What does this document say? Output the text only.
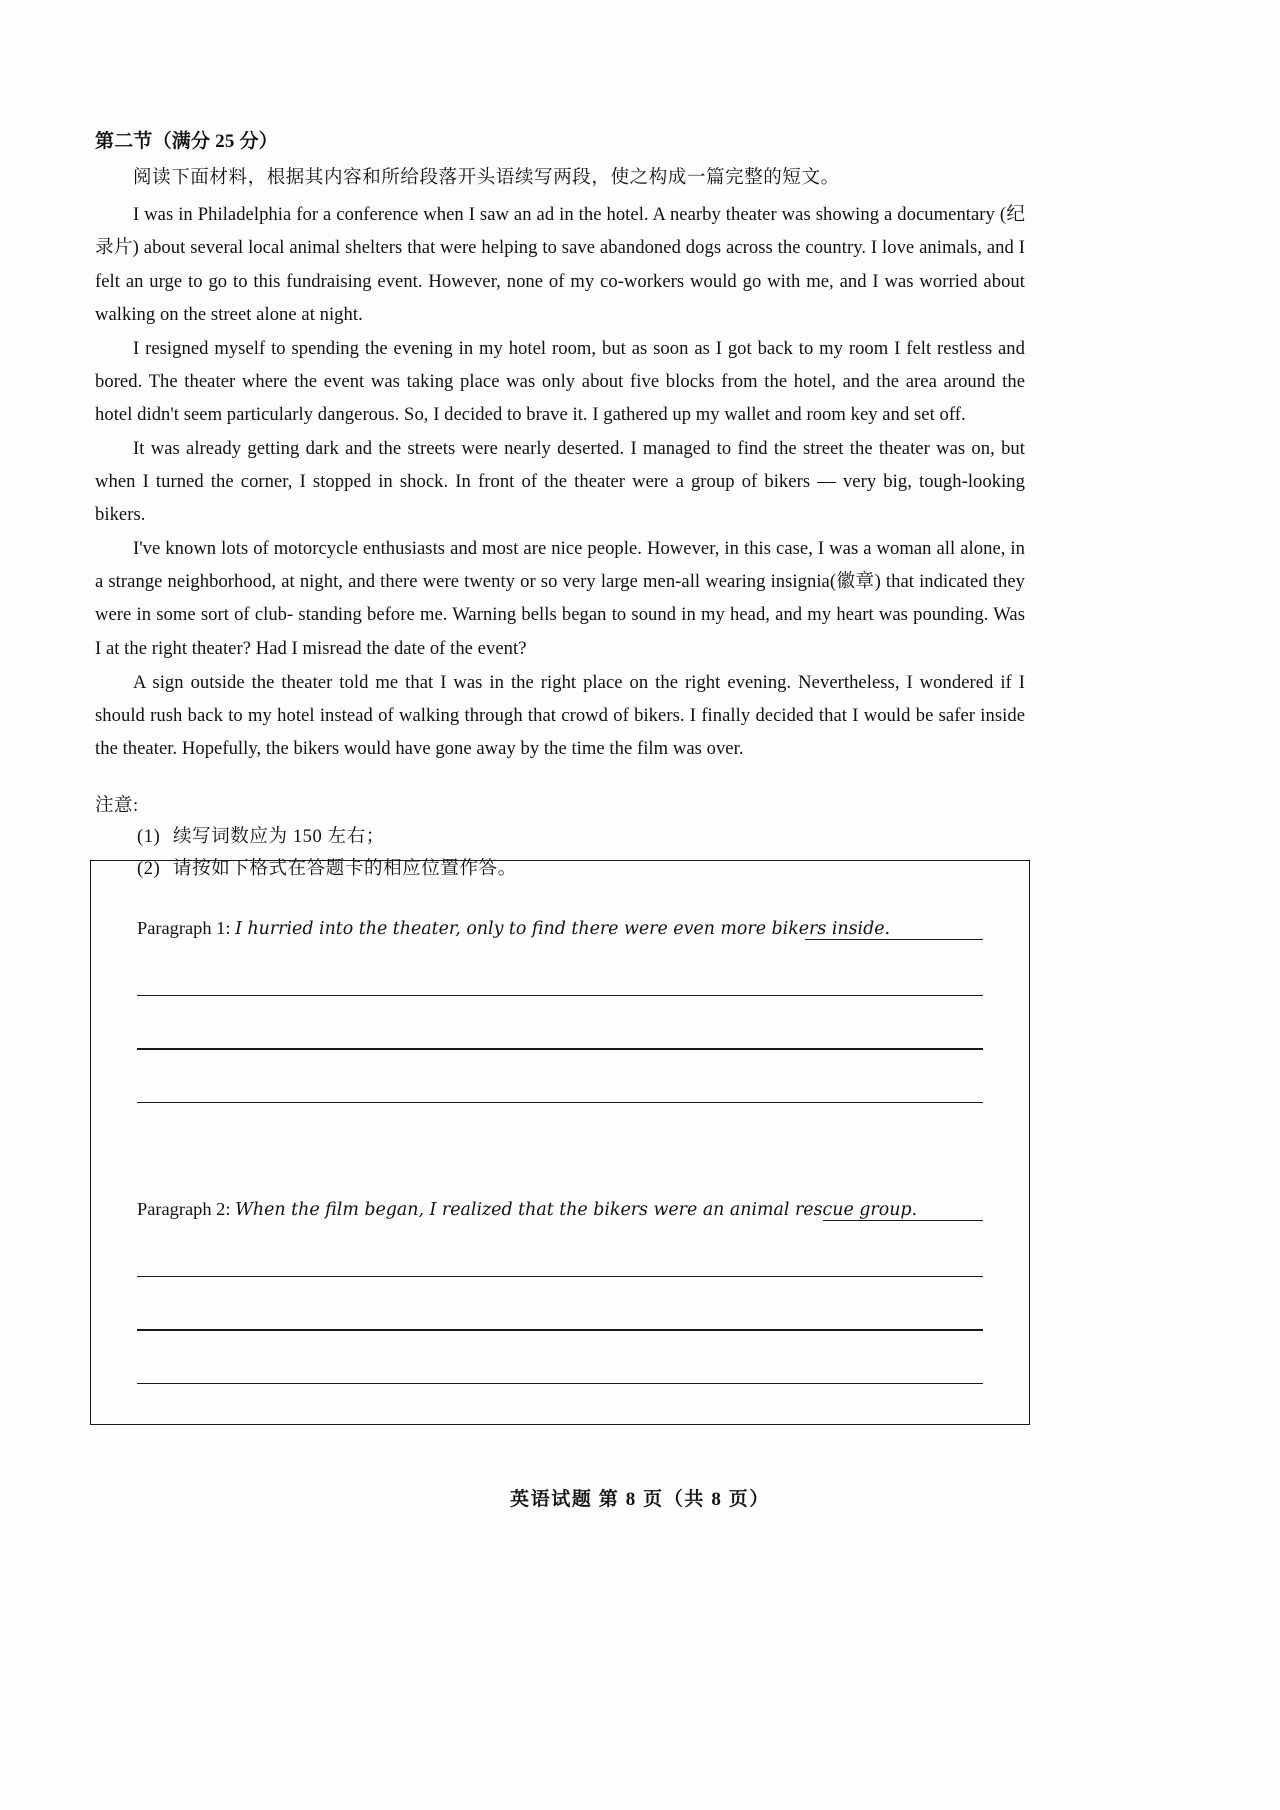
第二节（满分 25 分）
阅读下面材料，根据其内容和所给段落开头语续写两段，使之构成一篇完整的短文。

I was in Philadelphia for a conference when I saw an ad in the hotel. A nearby theater was showing a documentary (纪录片) about several local animal shelters that were helping to save abandoned dogs across the country. I love animals, and I felt an urge to go to this fundraising event. However, none of my co-workers would go with me, and I was worried about walking on the street alone at night.

I resigned myself to spending the evening in my hotel room, but as soon as I got back to my room I felt restless and bored. The theater where the event was taking place was only about five blocks from the hotel, and the area around the hotel didn't seem particularly dangerous. So, I decided to brave it. I gathered up my wallet and room key and set off.

It was already getting dark and the streets were nearly deserted. I managed to find the street the theater was on, but when I turned the corner, I stopped in shock. In front of the theater were a group of bikers — very big, tough-looking bikers.

I've known lots of motorcycle enthusiasts and most are nice people. However, in this case, I was a woman all alone, in a strange neighborhood, at night, and there were twenty or so very large men-all wearing insignia(徽章) that indicated they were in some sort of club- standing before me. Warning bells began to sound in my head, and my heart was pounding. Was I at the right theater? Had I misread the date of the event?

A sign outside the theater told me that I was in the right place on the right evening. Nevertheless, I wondered if I should rush back to my hotel instead of walking through that crowd of bikers. I finally decided that I would be safer inside the theater. Hopefully, the bikers would have gone away by the time the film was over.

注意:
(1) 续写词数应为 150 左右；
(2) 请按如下格式在答题卡的相应位置作答。
Paragraph 1: I hurried into the theater, only to find there were even more bikers inside.
Paragraph 2: When the film began, I realized that the bikers were an animal rescue group.
英语试题 第 8 页（共 8 页）
